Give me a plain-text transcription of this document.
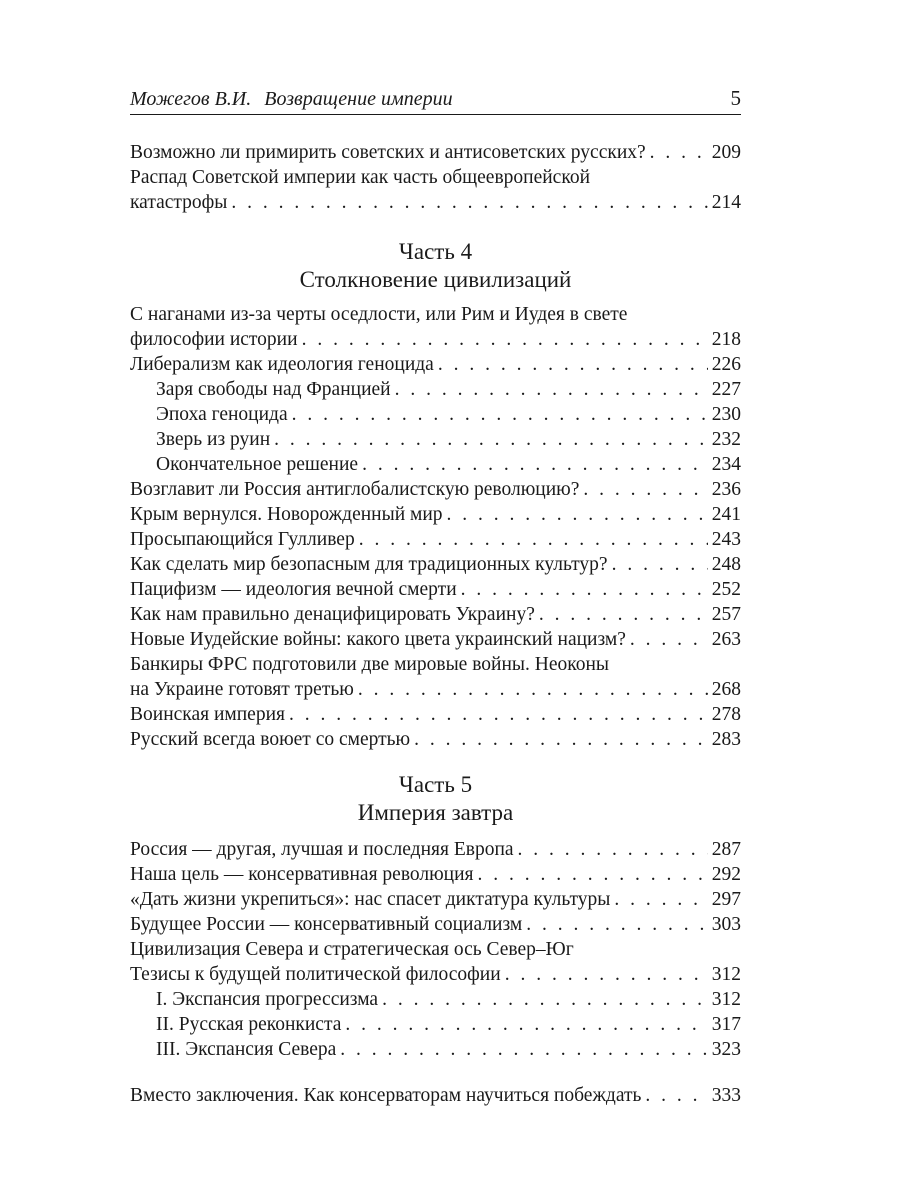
Можегов В.И. Возвращение империи	5
Возможно ли примирить советских и антисоветских русских? . . .	209
Распад Советской империи как часть общеевропейской
катастрофы . . .	214
Часть 4
Столкновение цивилизаций
С наганами из-за черты оседлости, или Рим и Иудея в свете
философии истории . . .	218
Либерализм как идеология геноцида . . .	226
Заря свободы над Францией . . .	227
Эпоха геноцида . . .	230
Зверь из руин . . .	232
Окончательное решение . . .	234
Возглавит ли Россия антиглобалистскую революцию? . . .	236
Крым вернулся. Новорожденный мир . . .	241
Просыпающийся Гулливер . . .	243
Как сделать мир безопасным для традиционных культур? . . .	248
Пацифизм — идеология вечной смерти . . .	252
Как нам правильно денацифицировать Украину? . . .	257
Новые Иудейские войны: какого цвета украинский нацизм? . . .	263
Банкиры ФРС подготовили две мировые войны. Неоконы
на Украине готовят третью . . .	268
Воинская империя . . .	278
Русский всегда воюет со смертью . . .	283
Часть 5
Империя завтра
Россия — другая, лучшая и последняя Европа . . .	287
Наша цель — консервативная революция . . .	292
«Дать жизни укрепиться»: нас спасет диктатура культуры . . .	297
Будущее России — консервативный социализм . . .	303
Цивилизация Севера и стратегическая ось Север–Юг
Тезисы к будущей политической философии . . .	312
I. Экспансия прогрессизма . . .	312
II. Русская реконкиста . . .	317
III. Экспансия Севера . . .	323
Вместо заключения. Как консерваторам научиться побеждать . . .	333
